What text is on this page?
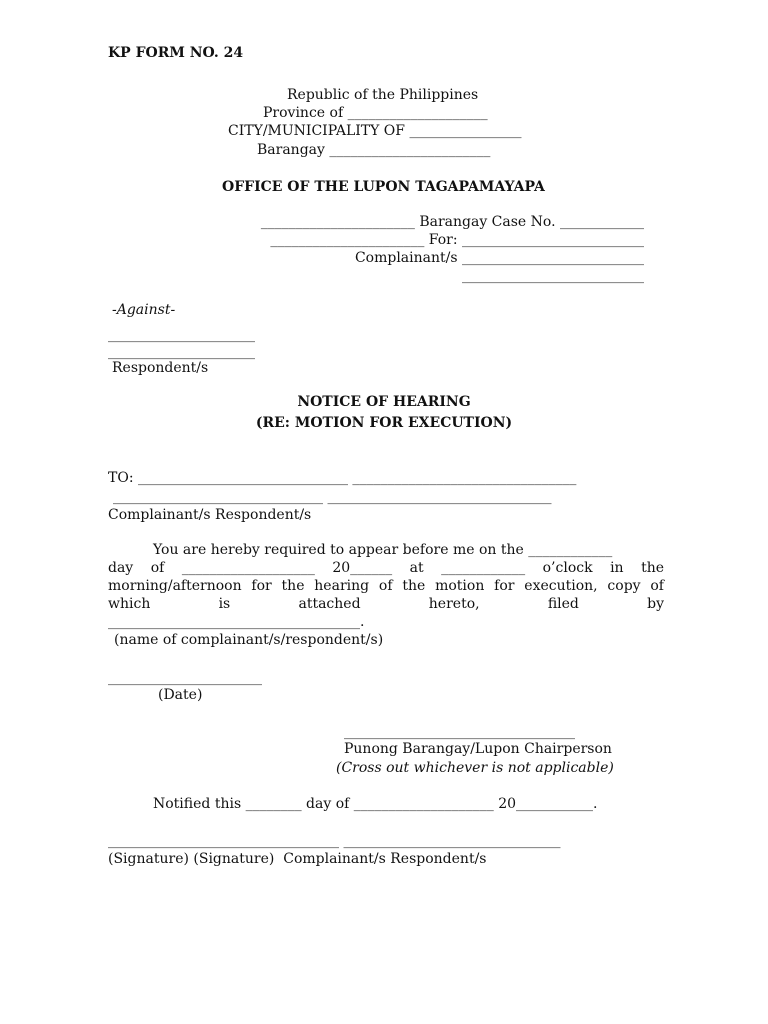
KP FORM NO. 24
Republic of the Philippines
Province of ____________________
CITY/MUNICIPALITY OF ________________
Barangay _______________________
OFFICE OF THE LUPON TAGAPAMAYAPA
______________________ Barangay Case No. ____________
______________________ For: __________________________
Complainant/s __________________________
__________________________
-Against-
_____________________
_____________________
Respondent/s
NOTICE OF HEARING
(RE: MOTION FOR EXECUTION)
TO: ______________________________ ________________________________
______________________________ ________________________________
Complainant/s Respondent/s
You are hereby required to appear before me on the ____________
day of ___________________ 20______ at ____________ o’clock in the
morning/afternoon for the hearing of the motion for execution, copy of
which is attached hereto, filed by
____________________________________.
(name of complainant/s/respondent/s)
______________________
(Date)
_________________________________
Punong Barangay/Lupon Chairperson
(Cross out whichever is not applicable)
Notified this ________ day of ____________________ 20___________.
_________________________________ _______________________________
(Signature) (Signature)  Complainant/s Respondent/s
